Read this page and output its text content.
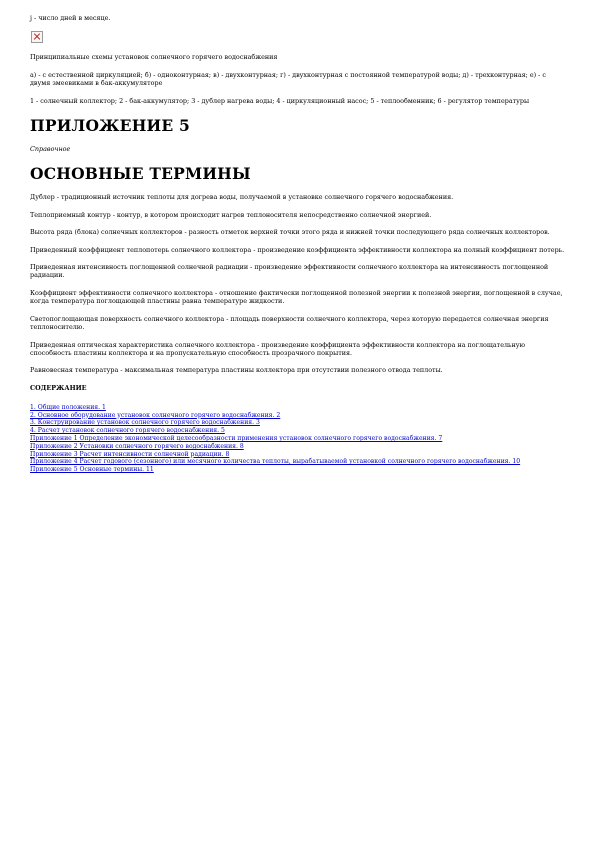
j - число дней в месяце.

Принципиальные схемы установок солнечного горячего водоснабжения

а) - с естественной циркуляцией; б) - одноконтурная; в) - двухконтурная; г) - двухконтурная с постоянной температурой воды; д) - трехконтурная; е) - с двумя змеевиками в бак-аккумуляторе

1 - солнечный коллектор; 2 - бак-аккумулятор; 3 - дублер нагрева воды; 4 - циркуляционный насос; 5 - теплообменник; 6 - регулятор температуры

ПРИЛОЖЕНИЕ 5

Справочное

ОСНОВНЫЕ ТЕРМИНЫ

Дублер - традиционный источник теплоты для догрева воды, получаемой в установке солнечного горячего водоснабжения.

Теплоприемный контур - контур, в котором происходит нагрев теплоносителя непосредственно солнечной энергией.

Высота ряда (блока) солнечных коллекторов - разность отметок верхней точки этого ряда и нижней точки последующего ряда солнечных коллекторов.

Приведенный коэффициент теплопотерь солнечного коллектора - произведение коэффициента эффективности коллектора на полный коэффициент потерь.

Приведенная интенсивность поглощенной солнечной радиации - произведение эффективности солнечного коллектора на интенсивность поглощенной радиации.

Коэффициент эффективности солнечного коллектора - отношение фактически поглощенной полезной энергии к полезной энергии, поглощенной в случае, когда температура поглощающей пластины равна температуре жидкости.

Светопоглощающая поверхность солнечного коллектора - площадь поверхности солнечного коллектора, через которую передается солнечная энергия теплоносителю.

Приведенная оптическая характеристика солнечного коллектора - произведение коэффициента эффективности коллектора на поглощательную способность пластины коллектора и на пропускательную способность прозрачного покрытия.

Равновесная температура - максимальная температура пластины коллектора при отсутствии полезного отвода теплоты.

СОДЕРЖАНИЕ

1. Общие положения. 1
2. Основное оборудование установок солнечного горячего водоснабжения. 2
3. Конструирование установок солнечного горячего водоснабжения. 3
4. Расчет установок солнечного горячего водоснабжения. 5
Приложение 1 Определение экономической целесообразности применения установок солнечного горячего водоснабжения. 7
Приложение 2 Установки солнечного горячего водоснабжения. 8
Приложение 3 Расчет интенсивности солнечной радиации. 8
Приложение 4 Расчет годового (сезонного) или месячного количества теплоты, вырабатываемой установкой солнечного горячего водоснабжения. 10
Приложение 5 Основные термины. 11
